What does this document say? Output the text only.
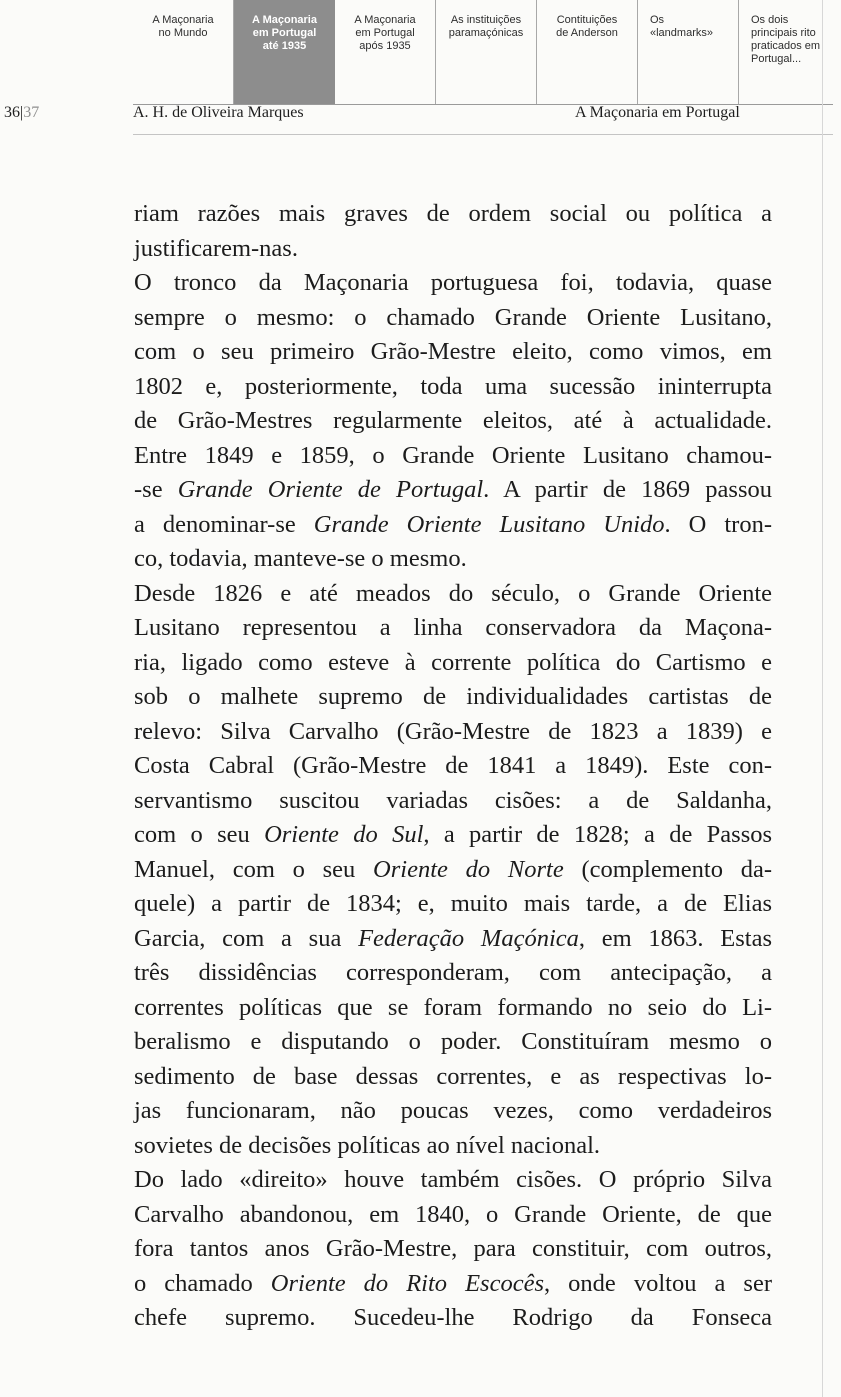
A Maçonaria
no Mundo
A Maçonaria
em Portugal
até 1935
A Maçonaria
em Portugal
após 1935
As instituições
paramaçónicas
Contituições
de Anderson
Os
«landmarks»
Os dois
principais rito
praticados em
Portugal...
36|37	A. H. de Oliveira Marques	A Maçonaria em Portugal
riam razões mais graves de ordem social ou política a
justificarem-nas.
O tronco da Maçonaria portuguesa foi, todavia, quase
sempre o mesmo: o chamado Grande Oriente Lusitano,
com o seu primeiro Grão-Mestre eleito, como vimos, em
1802 e, posteriormente, toda uma sucessão ininterrupta
de Grão-Mestres regularmente eleitos, até à actualidade.
Entre 1849 e 1859, o Grande Oriente Lusitano chamou-
-se Grande Oriente de Portugal. A partir de 1869 passou
a denominar-se Grande Oriente Lusitano Unido. O tron-
co, todavia, manteve-se o mesmo.
Desde 1826 e até meados do século, o Grande Oriente
Lusitano representou a linha conservadora da Maçona-
ria, ligado como esteve à corrente política do Cartismo e
sob o malhete supremo de individualidades cartistas de
relevo: Silva Carvalho (Grão-Mestre de 1823 a 1839) e
Costa Cabral (Grão-Mestre de 1841 a 1849). Este con-
servantismo suscitou variadas cisões: a de Saldanha,
com o seu Oriente do Sul, a partir de 1828; a de Passos
Manuel, com o seu Oriente do Norte (complemento da-
quele) a partir de 1834; e, muito mais tarde, a de Elias
Garcia, com a sua Federação Maçónica, em 1863. Estas
três dissidências corresponderam, com antecipação, a
correntes políticas que se foram formando no seio do Li-
beralismo e disputando o poder. Constituíram mesmo o
sedimento de base dessas correntes, e as respectivas lo-
jas funcionaram, não poucas vezes, como verdadeiros
sovietes de decisões políticas ao nível nacional.
Do lado «direito» houve também cisões. O próprio Silva
Carvalho abandonou, em 1840, o Grande Oriente, de que
fora tantos anos Grão-Mestre, para constituir, com outros,
o chamado Oriente do Rito Escocês, onde voltou a ser
chefe supremo. Sucedeu-lhe Rodrigo da Fonseca
